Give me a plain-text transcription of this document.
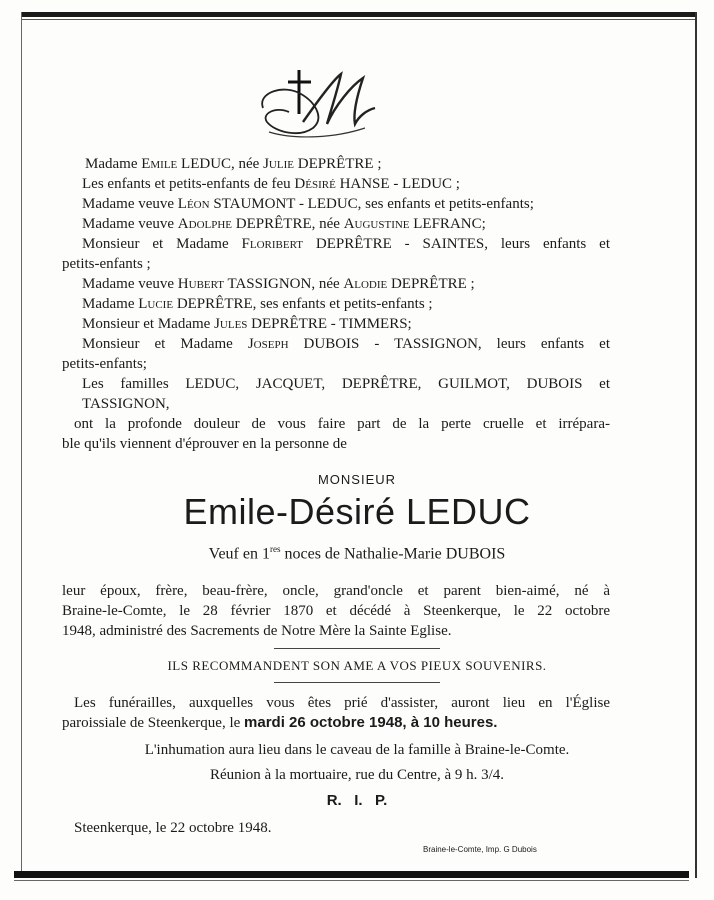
Madame Emile LEDUC, née Julie DEPRÊTRE ;
Les enfants et petits-enfants de feu Désiré HANSE - LEDUC ;
Madame veuve Léon STAUMONT - LEDUC, ses enfants et petits-enfants;
Madame veuve Adolphe DEPRÊTRE, née Augustine LEFRANC;
Monsieur et Madame Floribert DEPRÊTRE - SAINTES, leurs enfants et
petits-enfants ;
Madame veuve Hubert TASSIGNON, née Alodie DEPRÊTRE ;
Madame Lucie DEPRÊTRE, ses enfants et petits-enfants ;
Monsieur et Madame Jules DEPRÊTRE - TIMMERS;
Monsieur et Madame Joseph DUBOIS - TASSIGNON, leurs enfants et
petits-enfants;
Les familles LEDUC, JACQUET, DEPRÊTRE, GUILMOT, DUBOIS et
TASSIGNON,
ont la profonde douleur de vous faire part de la perte cruelle et irrépara-
ble qu'ils viennent d'éprouver en la personne de
MONSIEUR
Emile-Désiré LEDUC
Veuf en 1res noces de Nathalie-Marie DUBOIS
leur époux, frère, beau-frère, oncle, grand'oncle et parent bien-aimé, né à
Braine-le-Comte, le 28 février 1870 et décédé à Steenkerque, le 22 octobre
1948, administré des Sacrements de Notre Mère la Sainte Eglise.
ILS RECOMMANDENT SON AME A VOS PIEUX SOUVENIRS.
Les funérailles, auxquelles vous êtes prié d'assister, auront lieu en l'Église
paroissiale de Steenkerque, le mardi 26 octobre 1948, à 10 heures.
L'inhumation aura lieu dans le caveau de la famille à Braine-le-Comte.
Réunion à la mortuaire, rue du Centre, à 9 h. 3/4.
R.   I.   P.
Steenkerque, le 22 octobre 1948.
Braine-le-Comte, Imp. G Dubois
